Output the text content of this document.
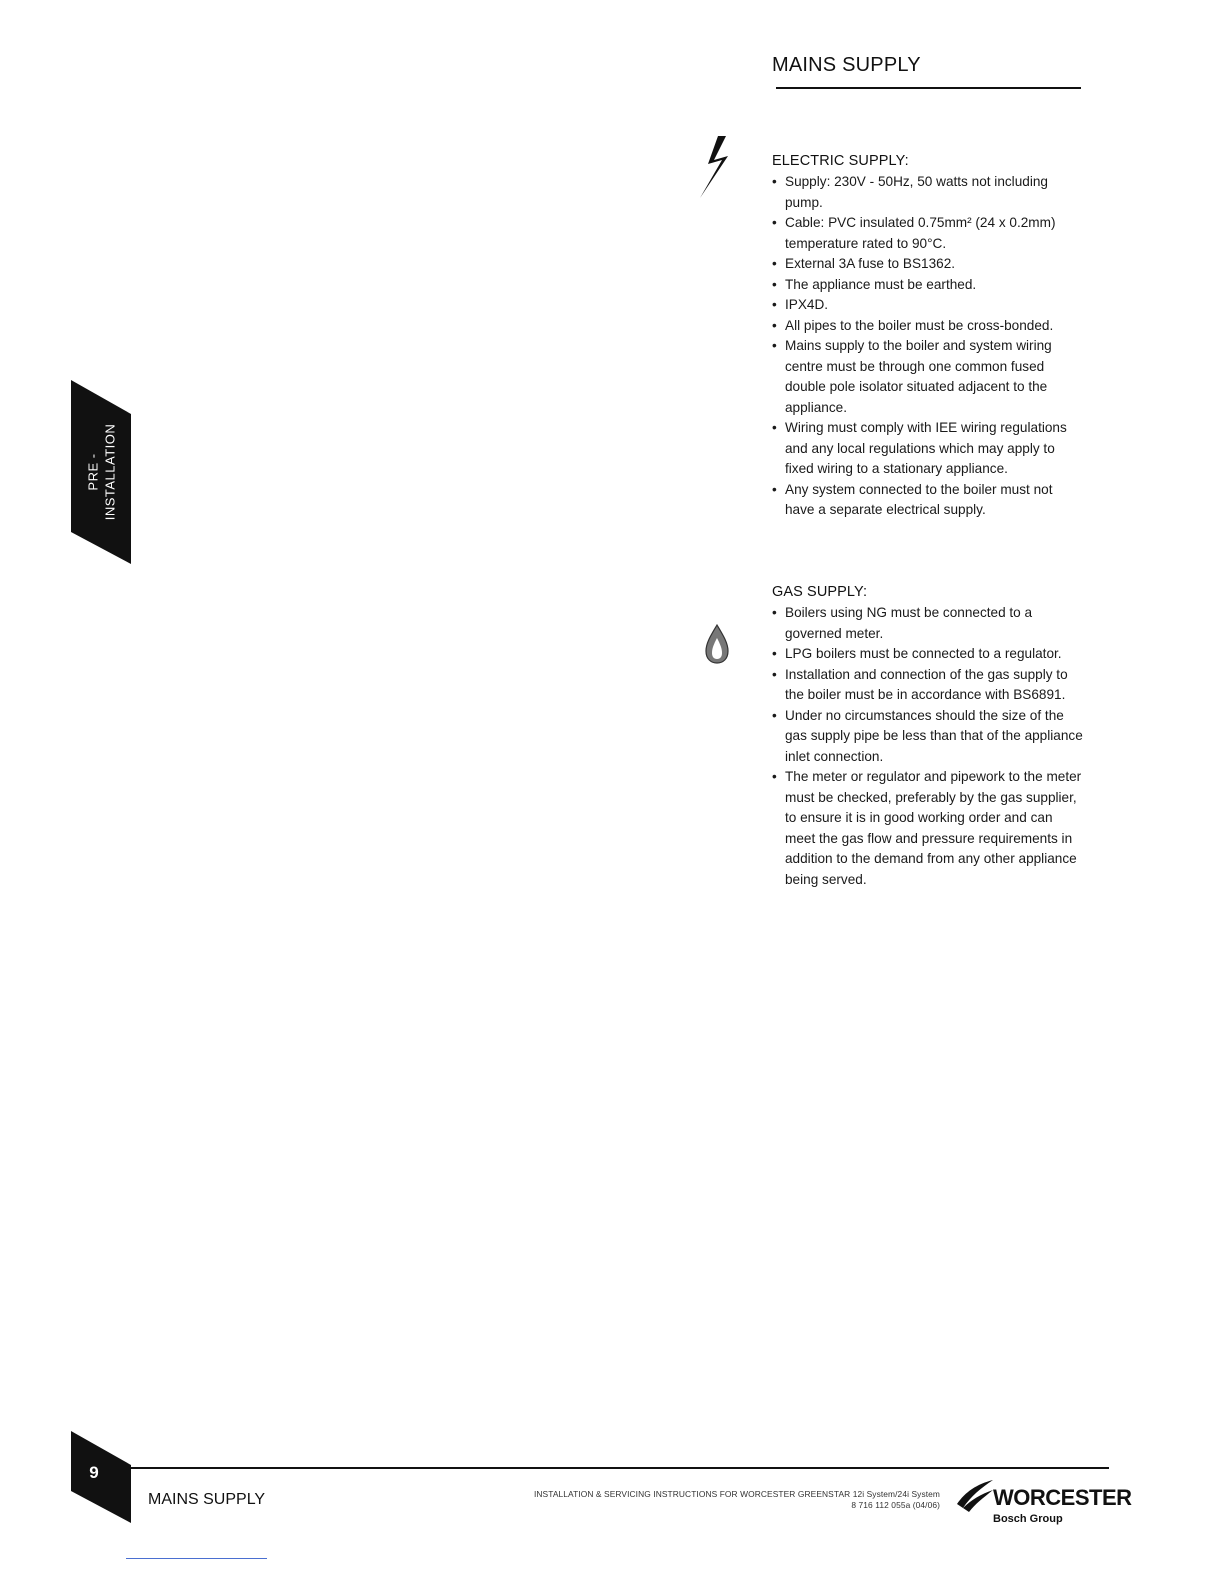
MAINS SUPPLY
PRE - INSTALLATION
ELECTRIC SUPPLY:
• Supply: 230V - 50Hz, 50 watts not including pump.
• Cable: PVC insulated 0.75mm² (24 x 0.2mm) temperature rated to 90°C.
• External 3A fuse to BS1362.
• The appliance must be earthed.
• IPX4D.
• All pipes to the boiler must be cross-bonded.
• Mains supply to the boiler and system wiring centre must be through one common fused double pole isolator situated adjacent to the appliance.
• Wiring must comply with IEE wiring regulations and any local regulations which may apply to fixed wiring to a stationary appliance.
• Any system connected to the boiler must not have a separate electrical supply.
GAS SUPPLY:
• Boilers using NG must be connected to a governed meter.
• LPG boilers must be connected to a regulator.
• Installation and connection of the gas supply to the boiler must be in accordance with BS6891.
• Under no circumstances should the size of the gas supply pipe be less than that of the appliance inlet connection.
• The meter or regulator and pipework to the meter must be checked, preferably by the gas supplier, to ensure it is in good working order and can meet the gas flow and pressure requirements in addition to the demand from any other appliance being served.
9
MAINS SUPPLY	INSTALLATION & SERVICING INSTRUCTIONS FOR WORCESTER GREENSTAR 12i System/24i System
8 716 112 055a (04/06) WORCESTER
Bosch Group
